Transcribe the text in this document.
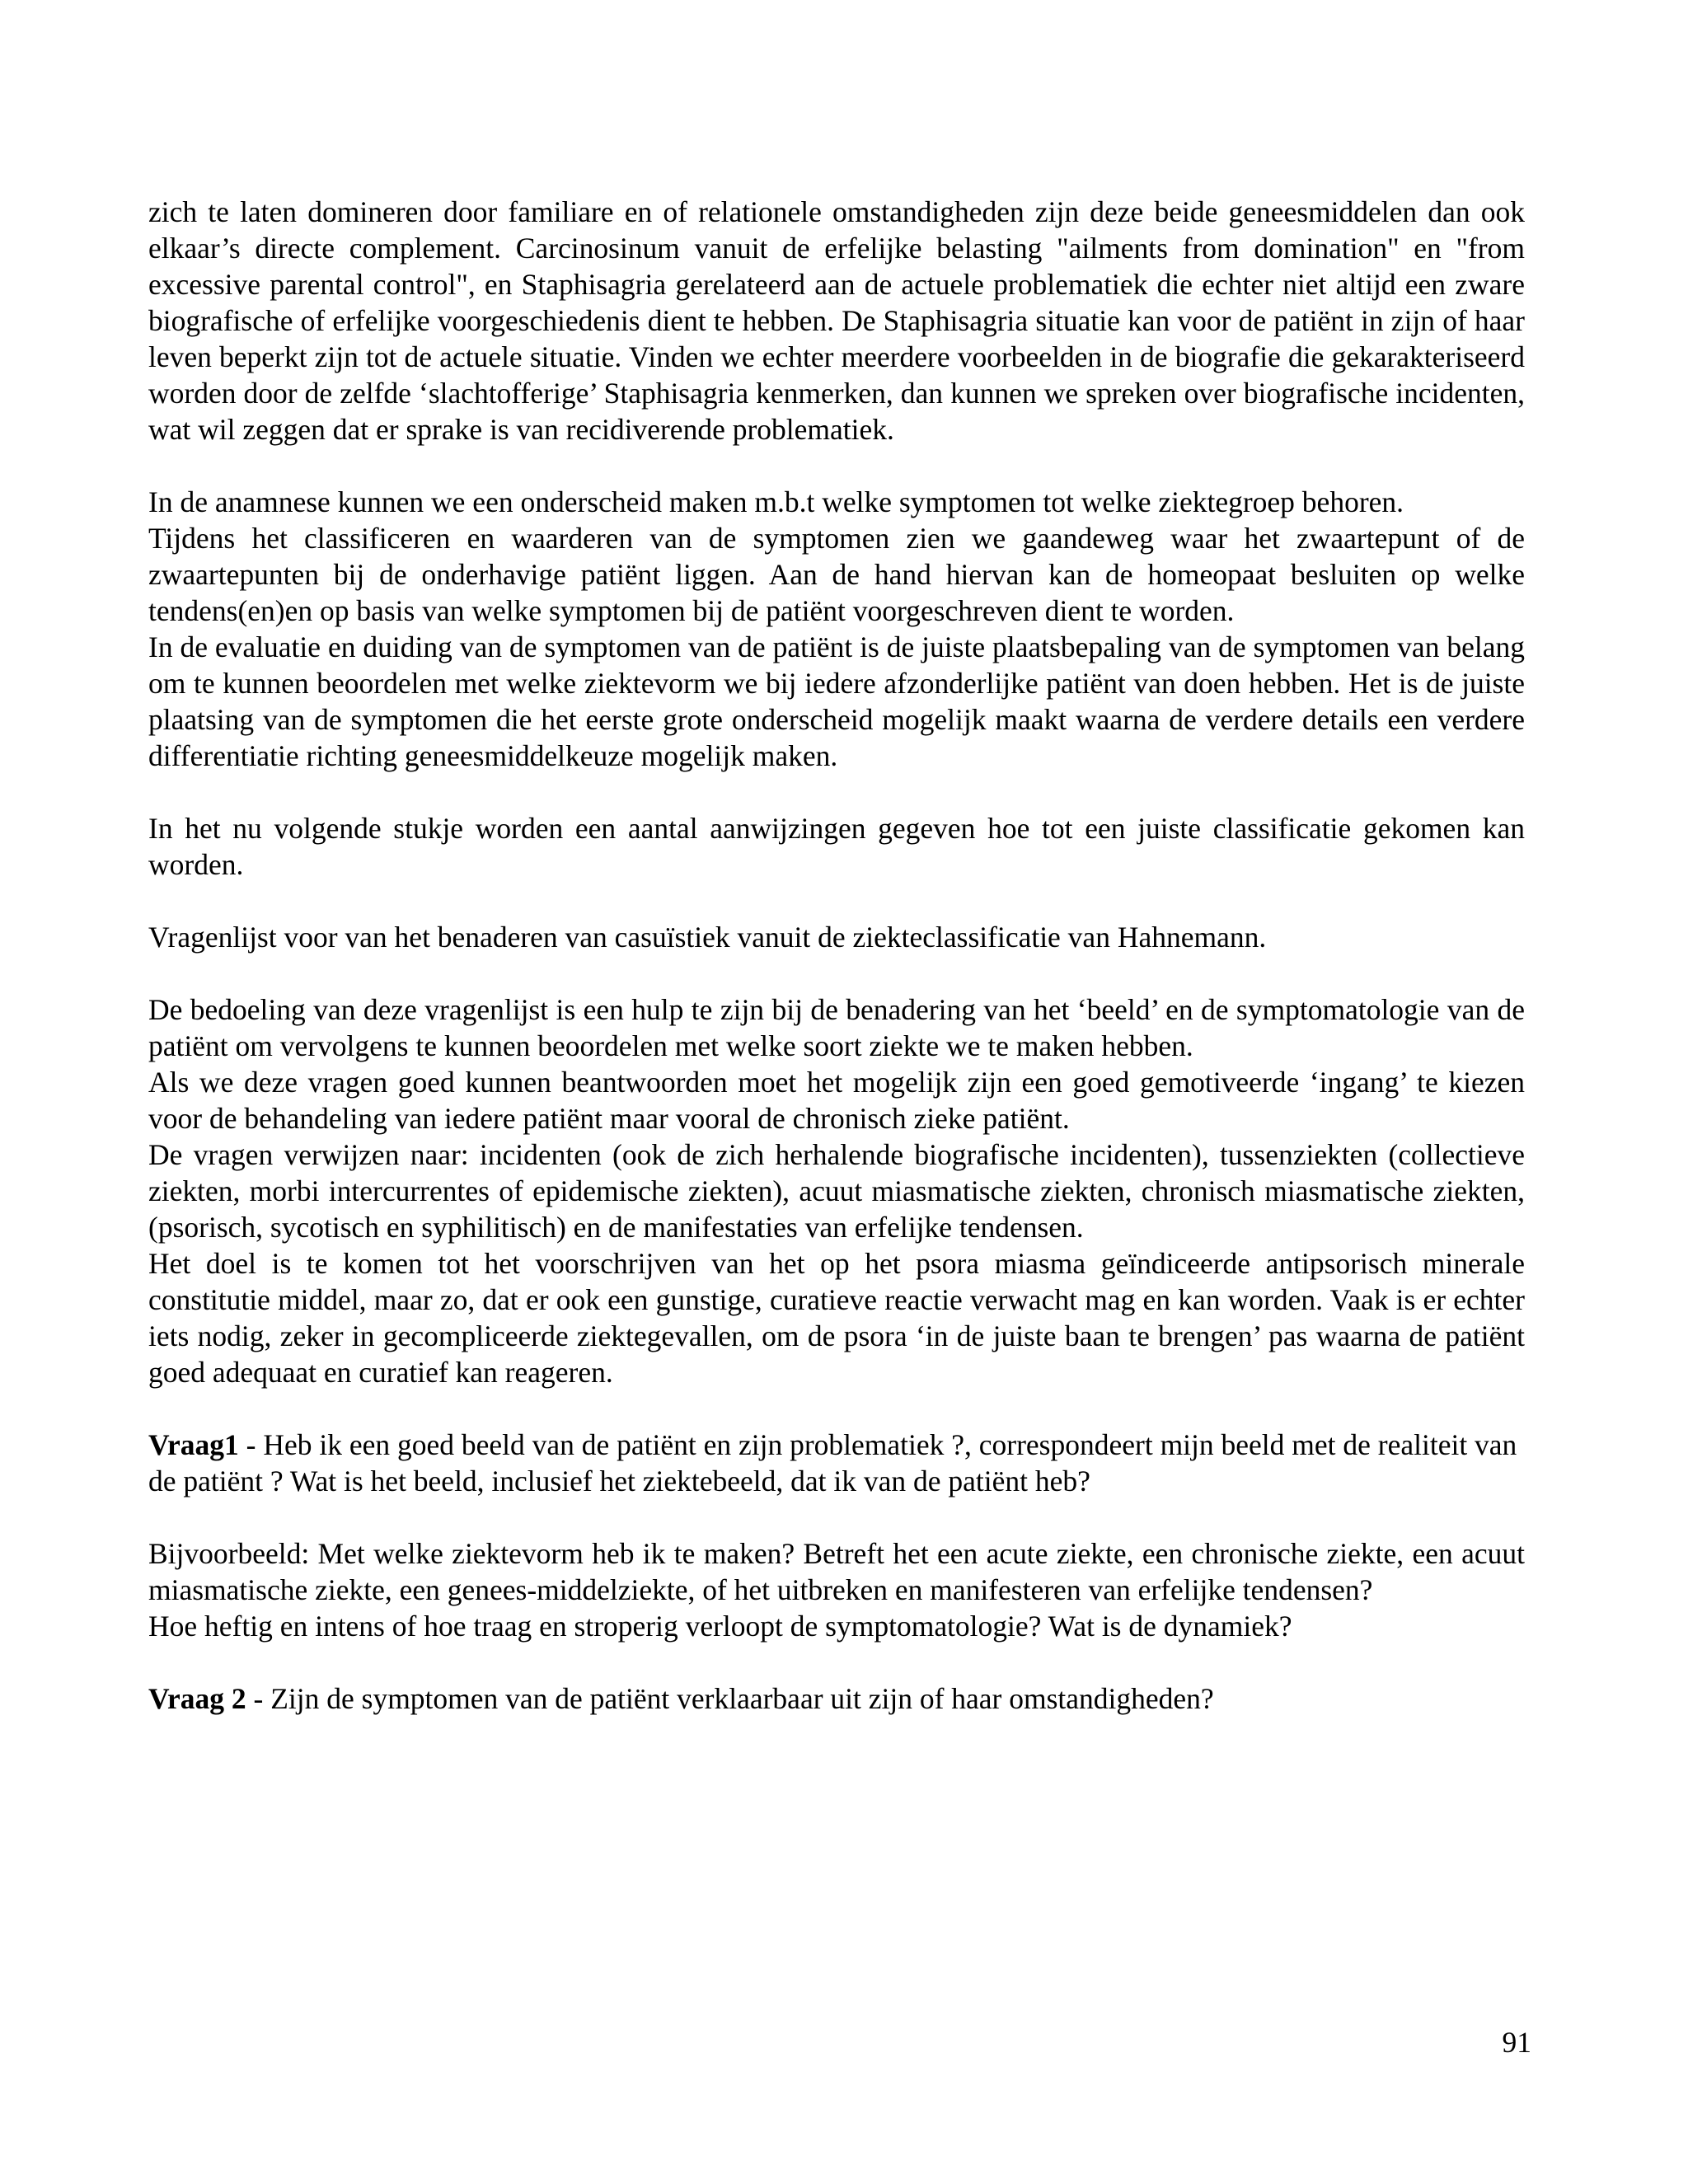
zich te laten domineren door familiare en of relationele omstandigheden zijn deze beide geneesmiddelen dan ook elkaar’s directe complement. Carcinosinum vanuit de erfelijke belasting "ailments from domination" en "from excessive parental control", en Staphisagria gerelateerd aan de actuele problematiek die echter niet altijd een zware biografische of erfelijke voorgeschiedenis dient te hebben. De Staphisagria situatie kan voor de patiënt in zijn of haar leven beperkt zijn tot de actuele situatie. Vinden we echter meerdere voorbeelden in de biografie die gekarakteriseerd worden door de zelfde ‘slachtofferige’ Staphisagria kenmerken, dan kunnen we spreken over biografische incidenten, wat wil zeggen dat er sprake is van recidiverende problematiek.

In de anamnese kunnen we een onderscheid maken m.b.t welke symptomen tot welke ziektegroep behoren.

Tijdens het classificeren en waarderen van de symptomen zien we gaandeweg waar het zwaartepunt of de zwaartepunten bij de onderhavige patiënt liggen. Aan de hand hiervan kan de homeopaat besluiten op welke tendens(en)en op basis van welke symptomen bij de patiënt voorgeschreven dient te worden.

In de evaluatie en duiding van de symptomen van de patiënt is de juiste plaatsbepaling van de symptomen van belang om te kunnen beoordelen met welke ziektevorm we bij iedere afzonderlijke patiënt van doen hebben. Het is de juiste plaatsing van de symptomen die het eerste grote onderscheid mogelijk maakt waarna de verdere details een verdere differentiatie richting geneesmiddelkeuze mogelijk maken.

In het nu volgende stukje worden een aantal aanwijzingen gegeven hoe tot een juiste classificatie gekomen kan worden.

Vragenlijst voor van het benaderen van casuïstiek vanuit de ziekteclassificatie van Hahnemann.

De bedoeling van deze vragenlijst is een hulp te zijn bij de benadering van het ‘beeld’ en de symptomatologie van de patiënt om vervolgens te kunnen beoordelen met welke soort ziekte we te maken hebben.

Als we deze vragen goed kunnen beantwoorden moet het mogelijk zijn een goed gemotiveerde ‘ingang’ te kiezen voor de behandeling van iedere patiënt maar vooral de chronisch zieke patiënt.

De vragen verwijzen naar: incidenten (ook de zich herhalende biografische incidenten), tussenziekten (collectieve ziekten, morbi intercurrentes of epidemische ziekten), acuut miasmatische ziekten, chronisch miasmatische ziekten, (psorisch, sycotisch en syphilitisch) en de manifestaties van erfelijke tendensen.

Het doel is te komen tot het voorschrijven van het op het psora miasma geïndiceerde antipsorisch minerale constitutie middel, maar zo, dat er ook een gunstige, curatieve reactie verwacht mag en kan worden. Vaak is er echter iets nodig, zeker in gecompliceerde ziektegevallen, om de psora ‘in de juiste baan te brengen’ pas waarna de patiënt goed adequaat en curatief kan reageren.

Vraag1 - Heb ik een goed beeld van de patiënt en zijn problematiek ?, correspondeert mijn beeld met de realiteit van de patiënt ? Wat is het beeld, inclusief het ziektebeeld, dat ik van de patiënt heb?

Bijvoorbeeld: Met welke ziektevorm heb ik te maken? Betreft het een acute ziekte, een chronische ziekte, een acuut miasmatische ziekte, een genees-middelziekte, of het uitbreken en manifesteren van erfelijke tendensen?

Hoe heftig en intens of hoe traag en stroperig verloopt de symptomatologie? Wat is de dynamiek?

Vraag 2 - Zijn de symptomen van de patiënt verklaarbaar uit zijn of haar omstandigheden?

91
